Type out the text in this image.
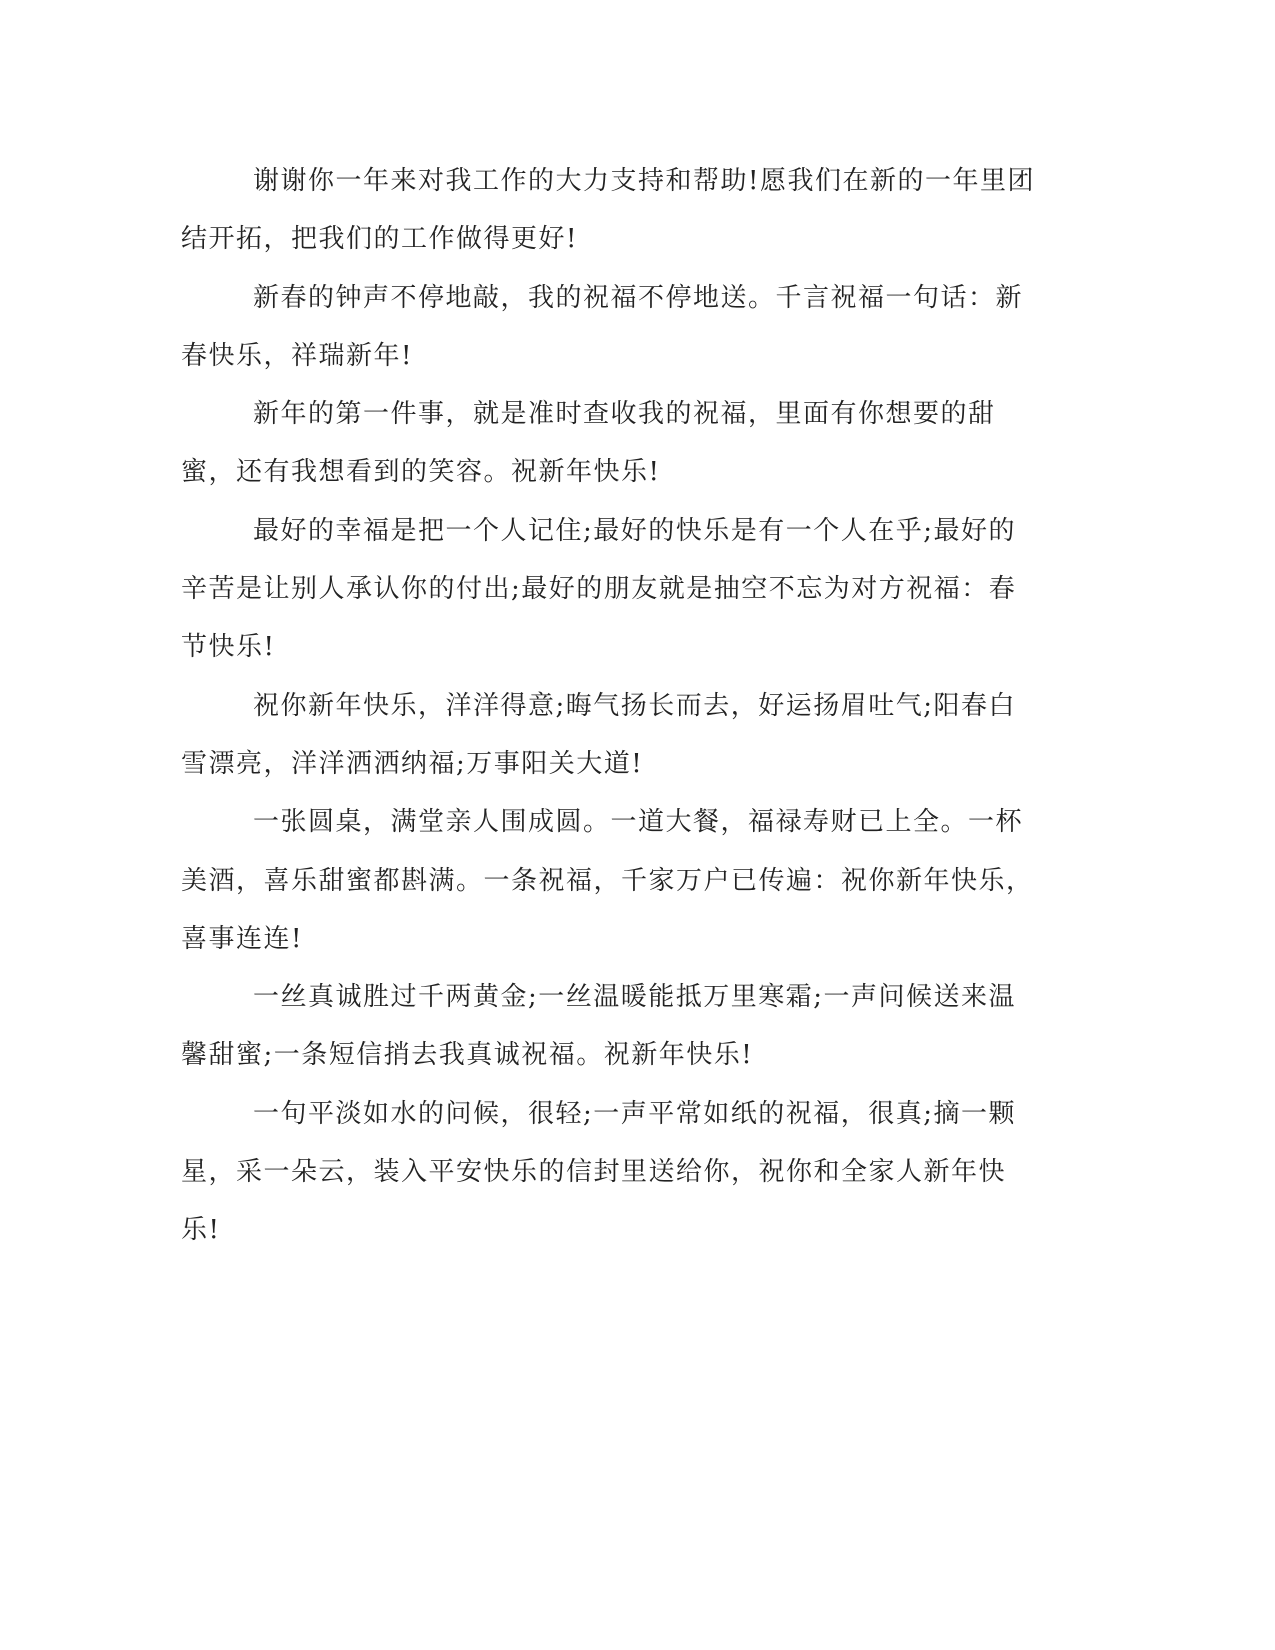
谢谢你一年来对我工作的大力支持和帮助!愿我们在新的一年里团结开拓，把我们的工作做得更好!

新春的钟声不停地敲，我的祝福不停地送。千言祝福一句话：新春快乐，祥瑞新年!

新年的第一件事，就是准时查收我的祝福，里面有你想要的甜蜜，还有我想看到的笑容。祝新年快乐!

最好的幸福是把一个人记住;最好的快乐是有一个人在乎;最好的辛苦是让别人承认你的付出;最好的朋友就是抽空不忘为对方祝福：春节快乐!

祝你新年快乐，洋洋得意;晦气扬长而去，好运扬眉吐气;阳春白雪漂亮，洋洋洒洒纳福;万事阳关大道!

一张圆桌，满堂亲人围成圆。一道大餐，福禄寿财已上全。一杯美酒，喜乐甜蜜都斟满。一条祝福，千家万户已传遍：祝你新年快乐，喜事连连!

一丝真诚胜过千两黄金;一丝温暖能抵万里寒霜;一声问候送来温馨甜蜜;一条短信捎去我真诚祝福。祝新年快乐!

一句平淡如水的问候，很轻;一声平常如纸的祝福，很真;摘一颗星，采一朵云，装入平安快乐的信封里送给你，祝你和全家人新年快乐!
